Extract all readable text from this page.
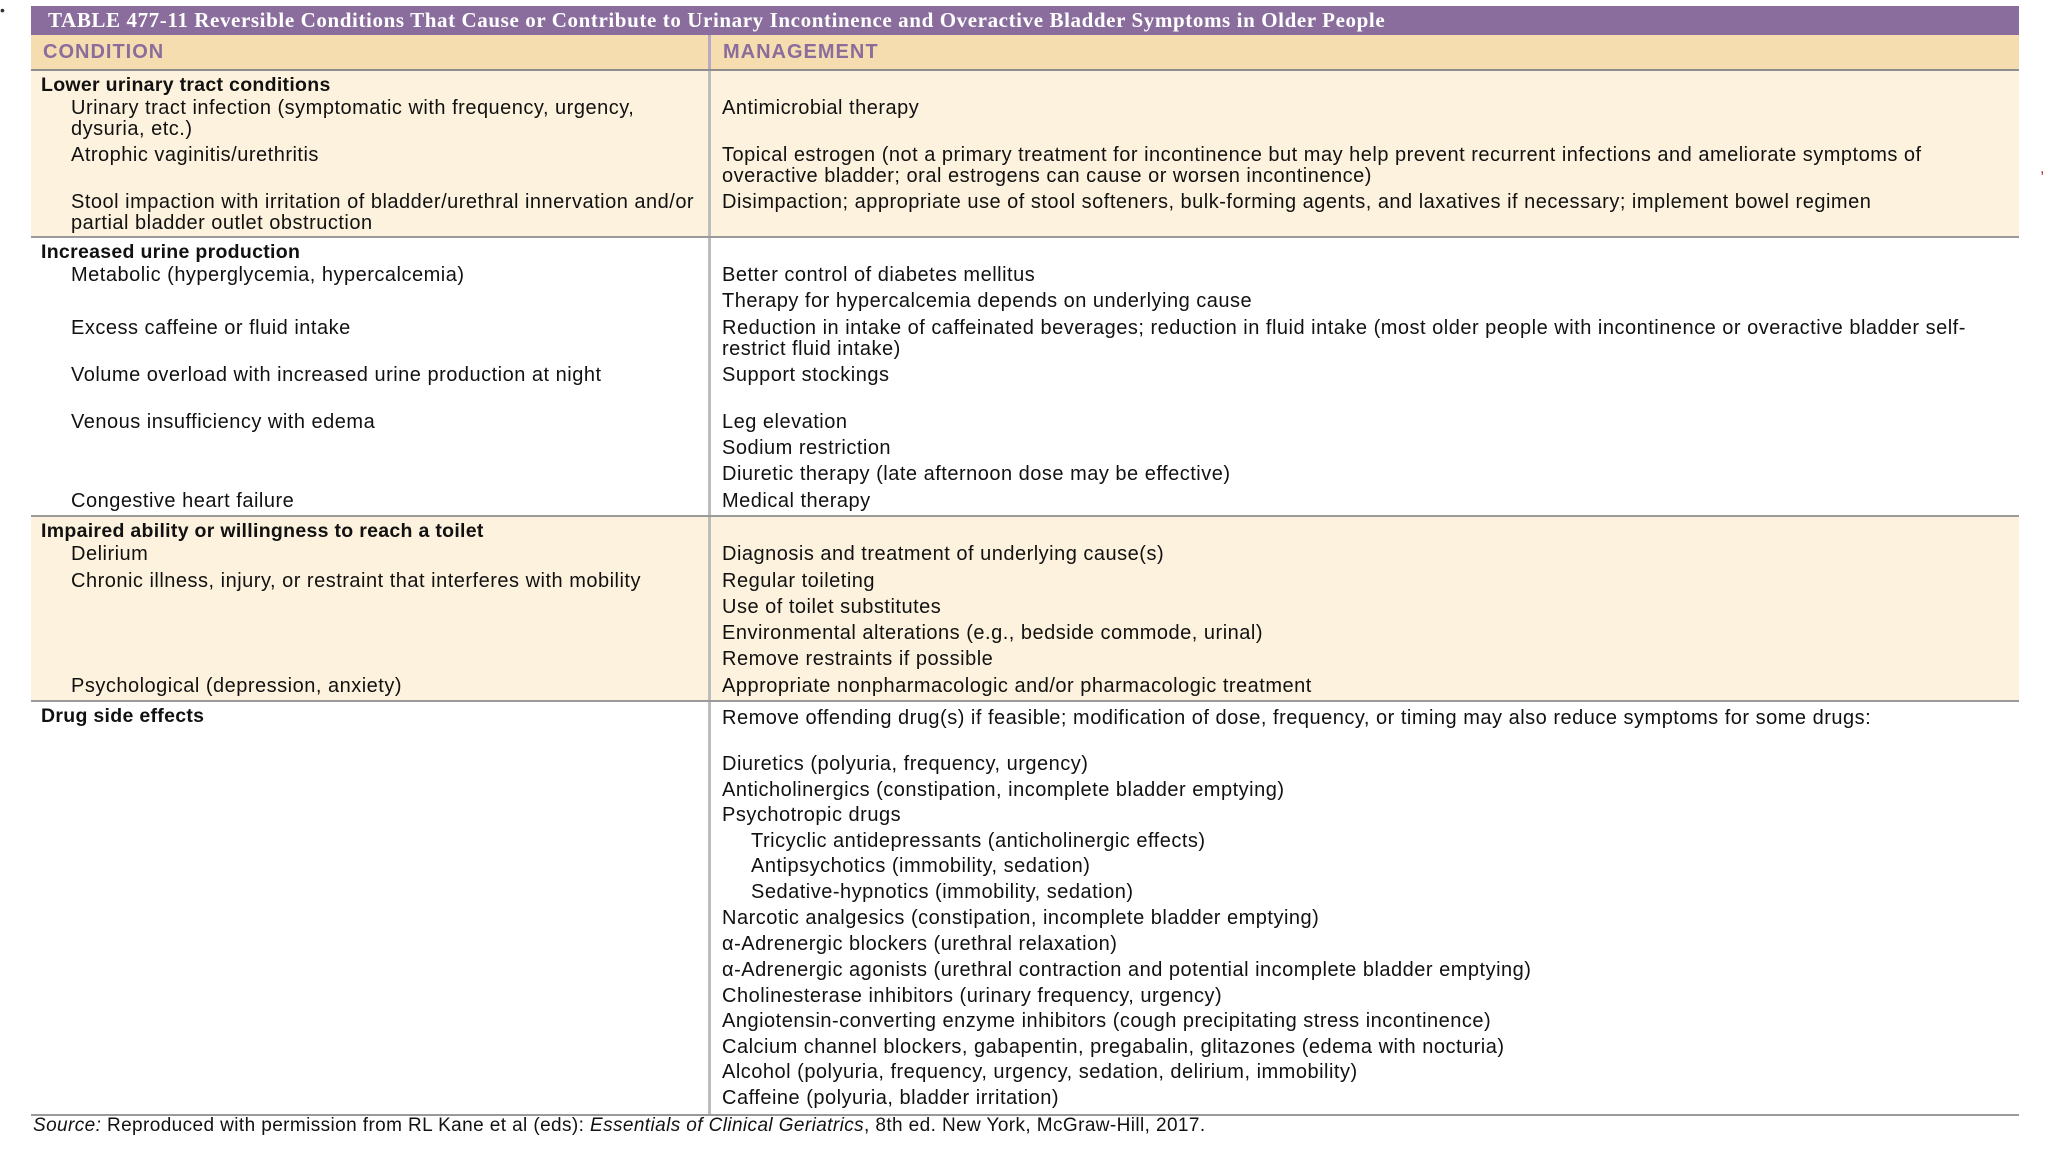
•
,
TABLE 477-11 Reversible Conditions That Cause or Contribute to Urinary Incontinence and Overactive Bladder Symptoms in Older People
CONDITION	MANAGEMENT
Lower urinary tract conditions
Urinary tract infection (symptomatic with frequency, urgency, dysuria, etc.)
Atrophic vaginitis/urethritis
Stool impaction with irritation of bladder/urethral innervation and/or partial bladder outlet obstruction
Antimicrobial therapy
Topical estrogen (not a primary treatment for incontinence but may help prevent recurrent infections and ameliorate symptoms of overactive bladder; oral estrogens can cause or worsen incontinence)
Disimpaction; appropriate use of stool softeners, bulk-forming agents, and laxatives if necessary; implement bowel regimen
Increased urine production
Metabolic (hyperglycemia, hypercalcemia)
Excess caffeine or fluid intake
Volume overload with increased urine production at night
Venous insufficiency with edema
Congestive heart failure
Better control of diabetes mellitus
Therapy for hypercalcemia depends on underlying cause
Reduction in intake of caffeinated beverages; reduction in fluid intake (most older people with incontinence or overactive bladder self-restrict fluid intake)
Support stockings
Leg elevation
Sodium restriction
Diuretic therapy (late afternoon dose may be effective)
Medical therapy
Impaired ability or willingness to reach a toilet
Delirium
Chronic illness, injury, or restraint that interferes with mobility
Psychological (depression, anxiety)
Diagnosis and treatment of underlying cause(s)
Regular toileting
Use of toilet substitutes
Environmental alterations (e.g., bedside commode, urinal)
Remove restraints if possible
Appropriate nonpharmacologic and/or pharmacologic treatment
Drug side effects	Remove offending drug(s) if feasible; modification of dose, frequency, or timing may also reduce symptoms for some drugs:
Diuretics (polyuria, frequency, urgency)
Anticholinergics (constipation, incomplete bladder emptying)
Psychotropic drugs
Tricyclic antidepressants (anticholinergic effects)
Antipsychotics (immobility, sedation)
Sedative-hypnotics (immobility, sedation)
Narcotic analgesics (constipation, incomplete bladder emptying)
α-Adrenergic blockers (urethral relaxation)
α-Adrenergic agonists (urethral contraction and potential incomplete bladder emptying)
Cholinesterase inhibitors (urinary frequency, urgency)
Angiotensin-converting enzyme inhibitors (cough precipitating stress incontinence)
Calcium channel blockers, gabapentin, pregabalin, glitazones (edema with nocturia)
Alcohol (polyuria, frequency, urgency, sedation, delirium, immobility)
Caffeine (polyuria, bladder irritation)
Source: Reproduced with permission from RL Kane et al (eds): Essentials of Clinical Geriatrics, 8th ed. New York, McGraw-Hill, 2017.
